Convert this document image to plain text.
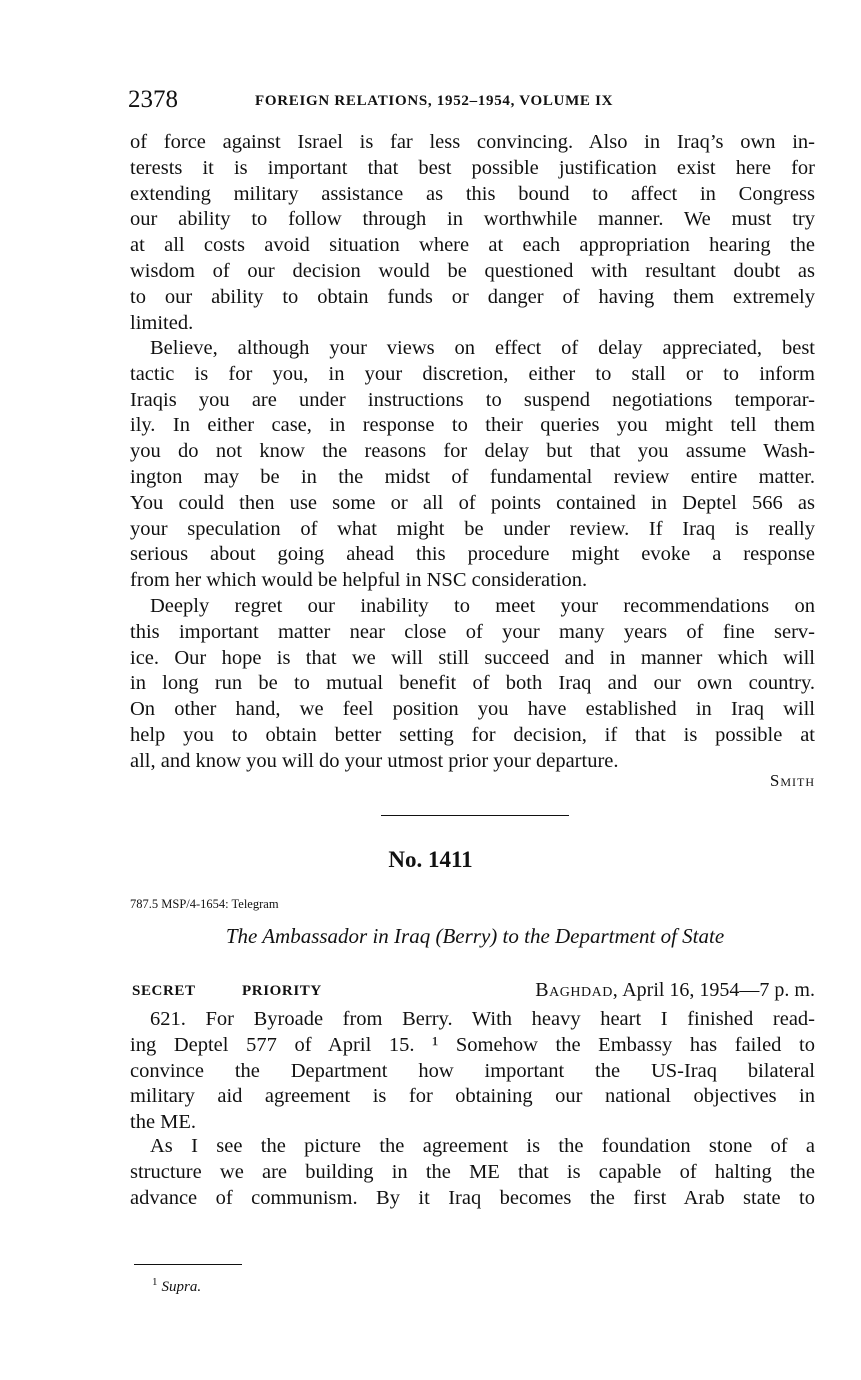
2378	FOREIGN RELATIONS, 1952–1954, VOLUME IX
of force against Israel is far less convincing. Also in Iraq’s own in-
terests it is important that best possible justification exist here for
extending military assistance as this bound to affect in Congress
our ability to follow through in worthwhile manner. We must try
at all costs avoid situation where at each appropriation hearing the
wisdom of our decision would be questioned with resultant doubt as
to our ability to obtain funds or danger of having them extremely
limited.
Believe, although your views on effect of delay appreciated, best
tactic is for you, in your discretion, either to stall or to inform
Iraqis you are under instructions to suspend negotiations temporar-
ily. In either case, in response to their queries you might tell them
you do not know the reasons for delay but that you assume Wash-
ington may be in the midst of fundamental review entire matter.
You could then use some or all of points contained in Deptel 566 as
your speculation of what might be under review. If Iraq is really
serious about going ahead this procedure might evoke a response
from her which would be helpful in NSC consideration.
Deeply regret our inability to meet your recommendations on
this important matter near close of your many years of fine serv-
ice. Our hope is that we will still succeed and in manner which will
in long run be to mutual benefit of both Iraq and our own country.
On other hand, we feel position you have established in Iraq will
help you to obtain better setting for decision, if that is possible at
all, and know you will do your utmost prior your departure.
Smith
No. 1411
787.5 MSP/4-1654: Telegram
The Ambassador in Iraq (Berry) to the Department of State
SECRET	PRIORITY	Baghdad, April 16, 1954—7 p. m.
621. For Byroade from Berry. With heavy heart I finished read-
ing Deptel 577 of April 15. ¹ Somehow the Embassy has failed to
convince the Department how important the US-Iraq bilateral
military aid agreement is for obtaining our national objectives in
the ME.
As I see the picture the agreement is the foundation stone of a
structure we are building in the ME that is capable of halting the
advance of communism. By it Iraq becomes the first Arab state to
$^1$ Supra.
